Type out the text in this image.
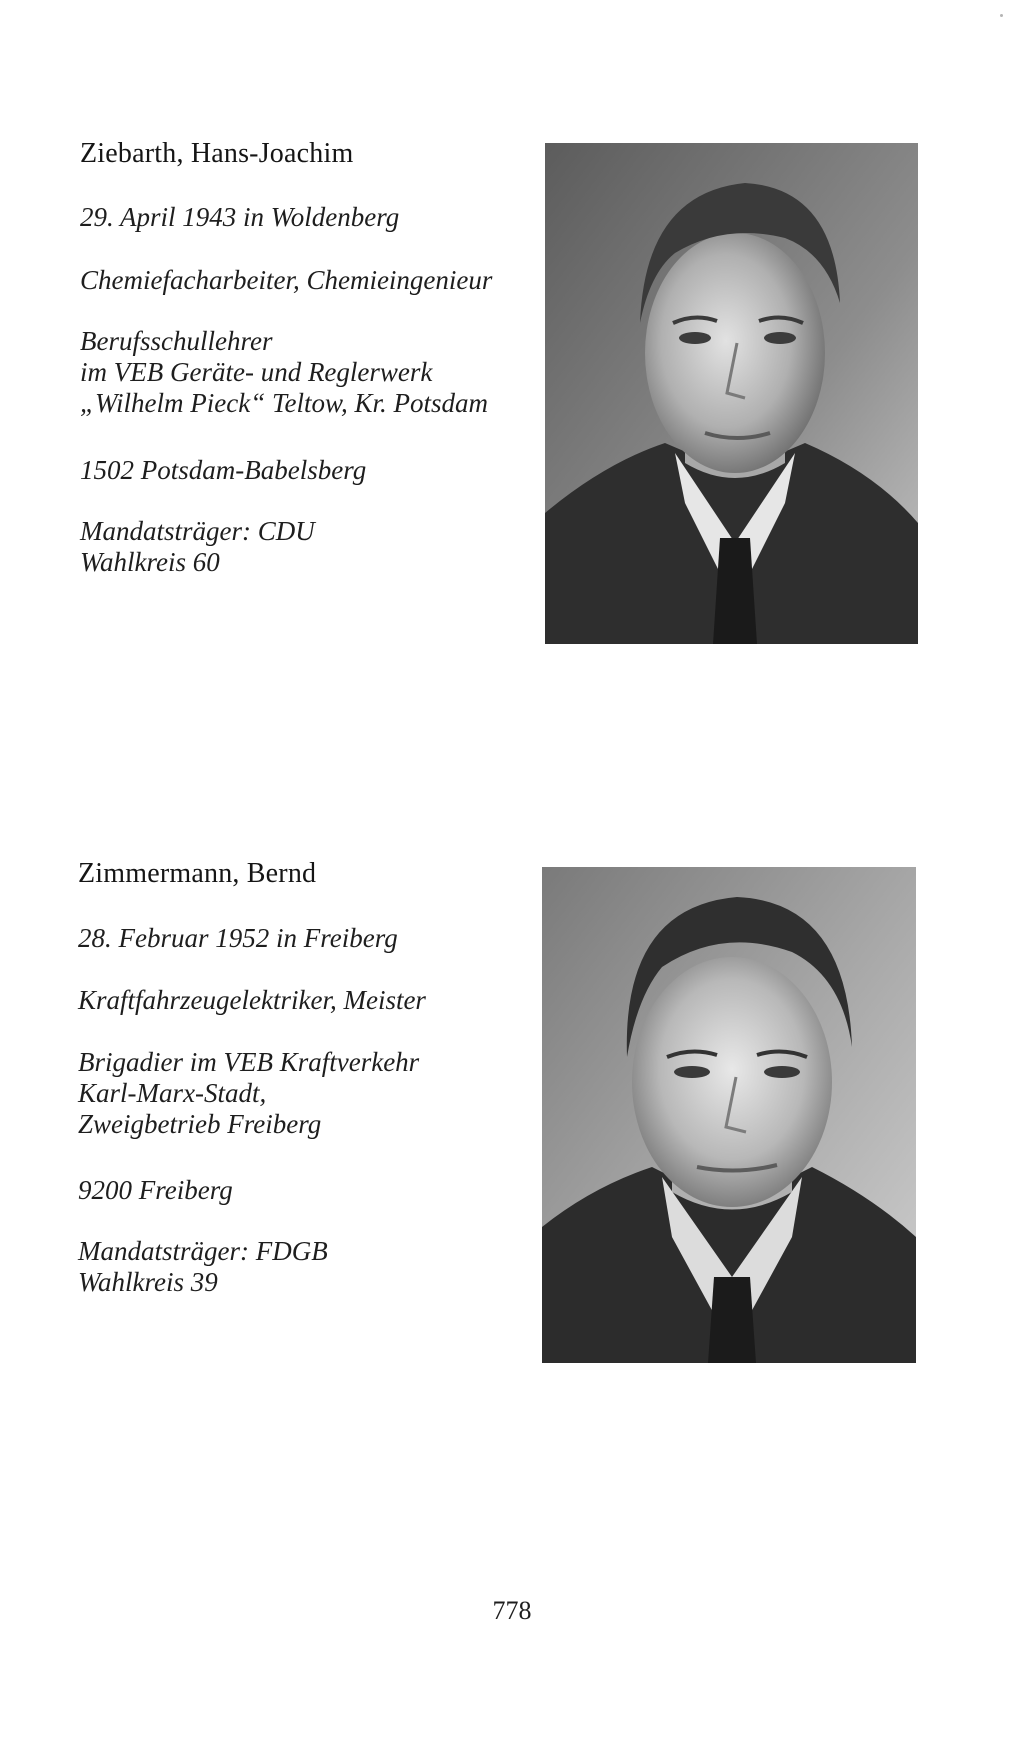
Ziebarth, Hans-Joachim
29. April 1943 in Woldenberg
Chemiefacharbeiter, Chemieingenieur
Berufsschullehrer
im VEB Geräte- und Reglerwerk
„Wilhelm Pieck“ Teltow, Kr. Potsdam
1502 Potsdam-Babelsberg
Mandatsträger: CDU
Wahlkreis 60
Zimmermann, Bernd
28. Februar 1952 in Freiberg
Kraftfahrzeugelektriker, Meister
Brigadier im VEB Kraftverkehr
Karl-Marx-Stadt,
Zweigbetrieb Freiberg
9200 Freiberg
Mandatsträger: FDGB
Wahlkreis 39
778
